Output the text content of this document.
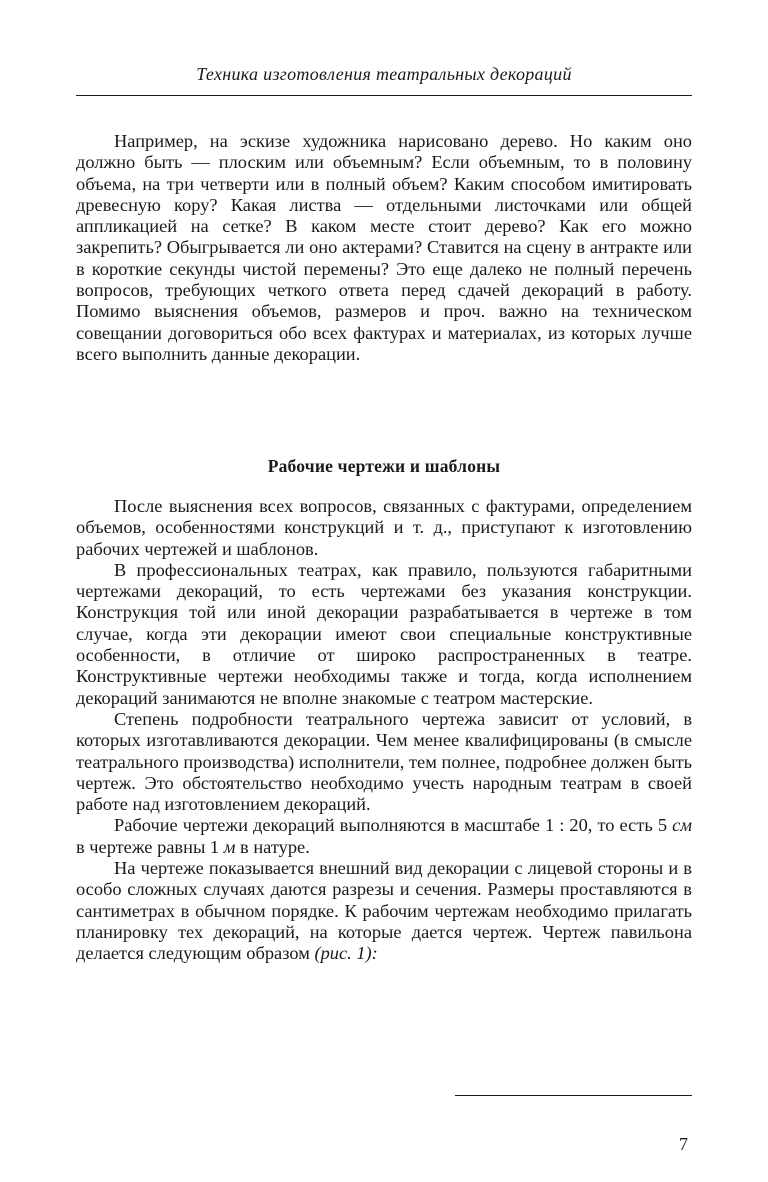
Техника изготовления театральных декораций

Например, на эскизе художника нарисовано дерево. Но каким оно должно быть — плоским или объемным? Если объемным, то в половину объема, на три четверти или в полный объем? Каким способом имитировать древесную кору? Какая листва — отдельными листочками или общей аппликацией на сетке? В каком месте стоит дерево? Как его можно закрепить? Обыгрывается ли оно актерами? Ставится на сцену в антракте или в короткие секунды чистой перемены? Это еще далеко не полный перечень вопросов, требующих четкого ответа перед сдачей декораций в работу. Помимо выяснения объемов, размеров и проч. важно на техническом совещании договориться обо всех фактурах и материалах, из которых лучше всего выполнить данные декорации.

Рабочие чертежи и шаблоны

После выяснения всех вопросов, связанных с фактурами, определением объемов, особенностями конструкций и т. д., приступают к изготовлению рабочих чертежей и шаблонов.

В профессиональных театрах, как правило, пользуются габаритными чертежами декораций, то есть чертежами без указания конструкции. Конструкция той или иной декорации разрабатывается в чертеже в том случае, когда эти декорации имеют свои специальные конструктивные особенности, в отличие от широко распространенных в театре. Конструктивные чертежи необходимы также и тогда, когда исполнением декораций занимаются не вполне знакомые с театром мастерские.

Степень подробности театрального чертежа зависит от условий, в которых изготавливаются декорации. Чем менее квалифицированы (в смысле театрального производства) исполнители, тем полнее, подробнее должен быть чертеж. Это обстоятельство необходимо учесть народным театрам в своей работе над изготовлением декораций.

Рабочие чертежи декораций выполняются в масштабе 1 : 20, то есть 5 см в чертеже равны 1 м в натуре.

На чертеже показывается внешний вид декорации с лицевой стороны и в особо сложных случаях даются разрезы и сечения. Размеры проставляются в сантиметрах в обычном порядке. К рабочим чертежам необходимо прилагать планировку тех декораций, на которые дается чертеж. Чертеж павильона делается следующим образом (рис. 1):

7
